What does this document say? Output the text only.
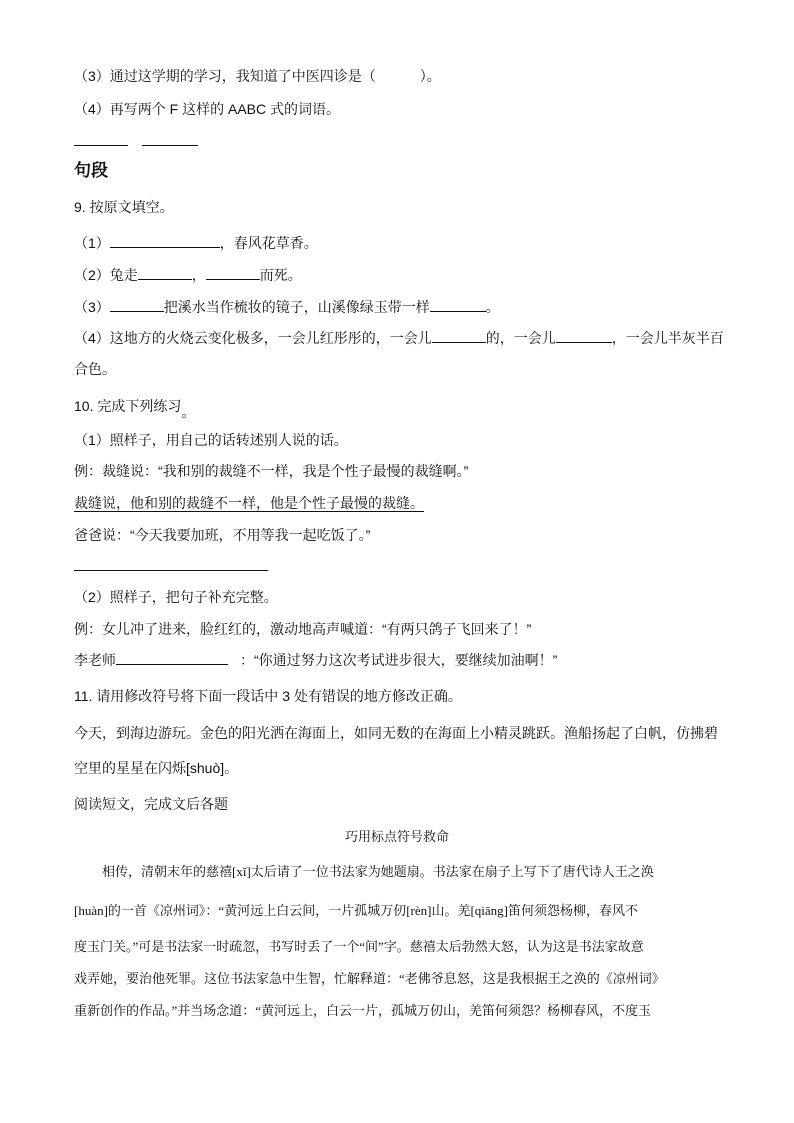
（3）通过这学期的学习，我知道了中医四诊是（	）。
（4）再写两个 F 这样的 AABC 式的词语。
句段
9. 按原文填空。
（1）	，春风花草香。
（2）兔走	，	而死。
（3）	把溪水当作梳妆的镜子，山溪像绿玉带一样	。
（4）这地方的火烧云变化极多，一会儿红彤彤的，一会儿	的，一会儿	，一会儿半灰半百
合色。
10. 完成下列练习。
（1）照样子，用自己的话转述别人说的话。
例：裁缝说：“我和别的裁缝不一样，我是个性子最慢的裁缝啊。”
裁缝说，他和别的裁缝不一样，他是个性子最慢的裁缝。
爸爸说：“今天我要加班，不用等我一起吃饭了。”
（2）照样子，把句子补充完整。
例：女儿冲了进来，脸红红的，激动地高声喊道：“有两只鸽子飞回来了！”
李老师	：“你通过努力这次考试进步很大，要继续加油啊！”
11. 请用修改符号将下面一段话中 3 处有错误的地方修改正确。
今天，到海边游玩。金色的阳光洒在海面上，如同无数的在海面上小精灵跳跃。渔船扬起了白帆，仿拂碧
空里的星星在闪烁[shuò]。
阅读短文，完成文后各题
巧用标点符号救命
相传，清朝末年的慈禧[xǐ]太后请了一位书法家为她题扇。书法家在扇子上写下了唐代诗人王之涣
[huàn]的一首《凉州词》：“黄河远上白云间，一片孤城万仞[rèn]山。羌[qiāng]笛何须怨杨柳，春风不
度玉门关。”可是书法家一时疏忽，书写时丢了一个“间”字。慈禧太后勃然大怒，认为这是书法家故意
戏弄她，要治他死罪。这位书法家急中生智，忙解释道：“老佛爷息怒，这是我根据王之涣的《凉州词》
重新创作的作品。”并当场念道：“黄河远上，白云一片，孤城万仞山，羌笛何须怨？杨柳春风，不度玉
